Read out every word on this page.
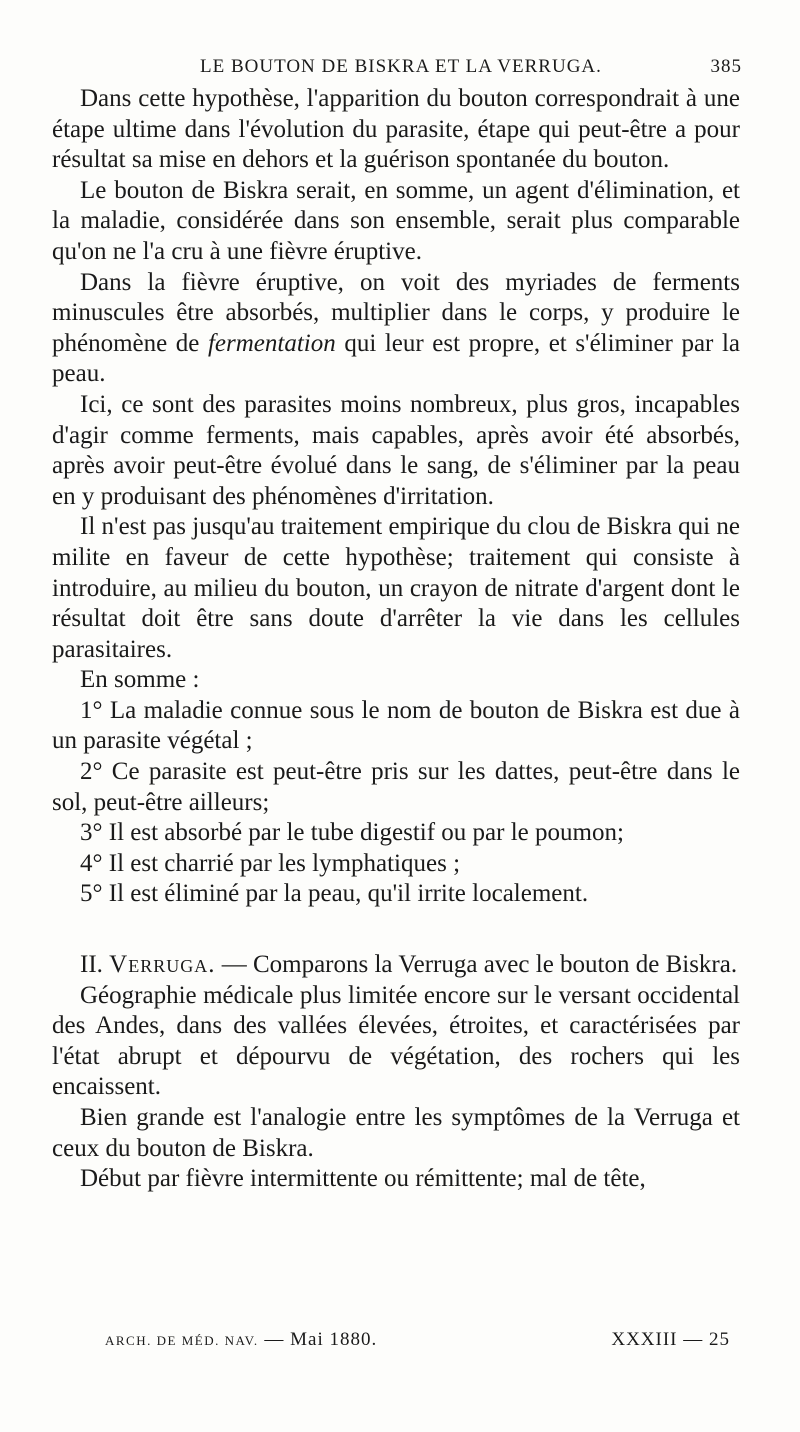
LE BOUTON DE BISKRA ET LA VERRUGA.	385

Dans cette hypothèse, l'apparition du bouton correspondrait à une étape ultime dans l'évolution du parasite, étape qui peut-être a pour résultat sa mise en dehors et la guérison spontanée du bouton.

Le bouton de Biskra serait, en somme, un agent d'élimination, et la maladie, considérée dans son ensemble, serait plus comparable qu'on ne l'a cru à une fièvre éruptive.

Dans la fièvre éruptive, on voit des myriades de ferments minuscules être absorbés, multiplier dans le corps, y produire le phénomène de fermentation qui leur est propre, et s'éliminer par la peau.

Ici, ce sont des parasites moins nombreux, plus gros, incapables d'agir comme ferments, mais capables, après avoir été absorbés, après avoir peut-être évolué dans le sang, de s'éliminer par la peau en y produisant des phénomènes d'irritation.

Il n'est pas jusqu'au traitement empirique du clou de Biskra qui ne milite en faveur de cette hypothèse; traitement qui consiste à introduire, au milieu du bouton, un crayon de nitrate d'argent dont le résultat doit être sans doute d'arrêter la vie dans les cellules parasitaires.

En somme :

1° La maladie connue sous le nom de bouton de Biskra est due à un parasite végétal ;

2° Ce parasite est peut-être pris sur les dattes, peut-être dans le sol, peut-être ailleurs;

3° Il est absorbé par le tube digestif ou par le poumon;

4° Il est charrié par les lymphatiques ;

5° Il est éliminé par la peau, qu'il irrite localement.

II. Verruga. — Comparons la Verruga avec le bouton de Biskra.

Géographie médicale plus limitée encore sur le versant occidental des Andes, dans des vallées élevées, étroites, et caractérisées par l'état abrupt et dépourvu de végétation, des rochers qui les encaissent.

Bien grande est l'analogie entre les symptômes de la Verruga et ceux du bouton de Biskra.

Début par fièvre intermittente ou rémittente; mal de tête,

ARCH. DE MÉD. NAV. — Mai 1880.	XXXIII — 25
